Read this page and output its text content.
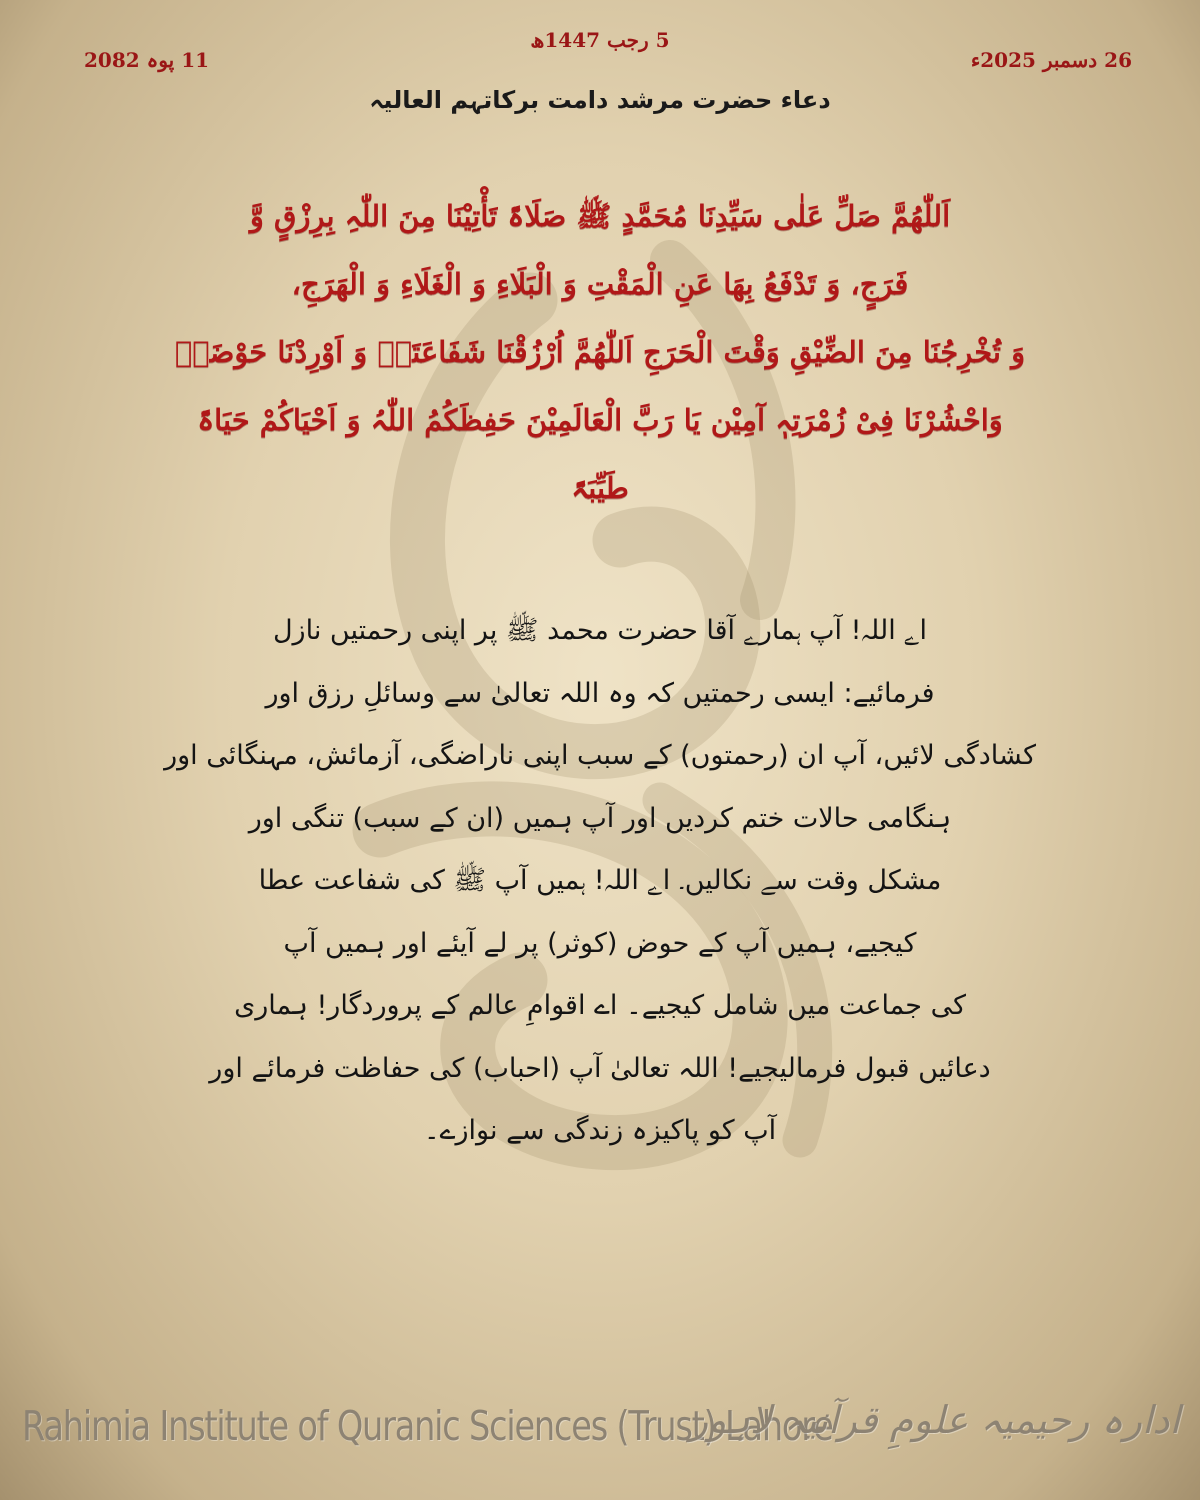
5 رجب 1447ھ
26 دسمبر 2025ء
11 پوہ 2082
دعاء حضرت مرشد دامت برکاتہم العالیہ
اَللّٰھُمَّ صَلِّ عَلٰی سَیِّدِنَا مُحَمَّدٍ ﷺ صَلَاۃً تَأْتِیْنَا مِنَ اللّٰہِ بِرِزْقٍ وَّ
فَرَجٍ، وَ تَدْفَعُ بِھَا عَنِ الْمَقْتِ وَ الْبَلَاءِ وَ الْغَلَاءِ وَ الْھَرَجِ،
وَ تُخْرِجُنَا مِنَ الضِّیْقِ وَقْتَ الْحَرَجِ اَللّٰھُمَّ اُرْزُقْنَا شَفَاعَتَہٗ وَ اَوْرِدْنَا حَوْضَہٗ
وَاحْشُرْنَا فِیْ زُمْرَتِہٖ آمِیْن یَا رَبَّ الْعَالَمِیْنَ حَفِظَکُمُ اللّٰہُ وَ اَحْیَاکُمْ حَیَاۃً
طَیِّبَۃً
اے اللہ! آپ ہمارے آقا حضرت محمد ﷺ پر اپنی رحمتیں نازل
فرمائیے: ایسی رحمتیں کہ وہ اللہ تعالیٰ سے وسائلِ رزق اور
کشادگی لائیں، آپ ان (رحمتوں) کے سبب اپنی ناراضگی، آزمائش، مہنگائی اور
ہنگامی حالات ختم کردیں اور آپ ہمیں (ان کے سبب) تنگی اور
مشکل وقت سے نکالیں۔ اے اللہ! ہمیں آپ ﷺ کی شفاعت عطا
کیجیے، ہمیں آپ کے حوض (کوثر) پر لے آیئے اور ہمیں آپ
کی جماعت میں شامل کیجیے۔ اے اقوامِ عالم کے پروردگار! ہماری
دعائیں قبول فرمالیجیے! اللہ تعالیٰ آپ (احباب) کی حفاظت فرمائے اور
آپ کو پاکیزہ زندگی سے نوازے۔
Rahimia Institute of Quranic Sciences (Trust) Lahore
ادارہ رحیمیہ علومِ قرآنیہ لاہور
